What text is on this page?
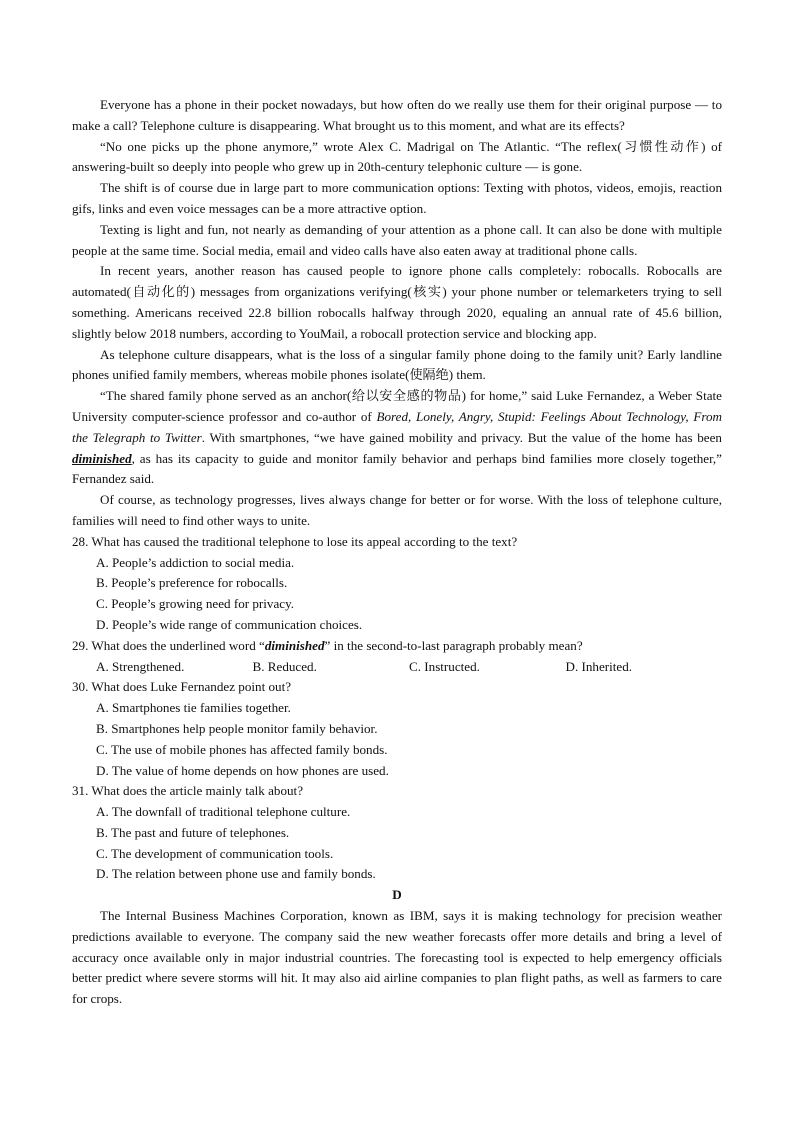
Everyone has a phone in their pocket nowadays, but how often do we really use them for their original purpose — to make a call? Telephone culture is disappearing. What brought us to this moment, and what are its effects?

“No one picks up the phone anymore,” wrote Alex C. Madrigal on The Atlantic. “The reflex(习惯性动作) of answering-built so deeply into people who grew up in 20th-century telephonic culture — is gone.

The shift is of course due in large part to more communication options: Texting with photos, videos, emojis, reaction gifs, links and even voice messages can be a more attractive option.

Texting is light and fun, not nearly as demanding of your attention as a phone call. It can also be done with multiple people at the same time. Social media, email and video calls have also eaten away at traditional phone calls.

In recent years, another reason has caused people to ignore phone calls completely: robocalls. Robocalls are automated(自动化的) messages from organizations verifying(核实) your phone number or telemarketers trying to sell something. Americans received 22.8 billion robocalls halfway through 2020, equaling an annual rate of 45.6 billion, slightly below 2018 numbers, according to YouMail, a robocall protection service and blocking app.

As telephone culture disappears, what is the loss of a singular family phone doing to the family unit? Early landline phones unified family members, whereas mobile phones isolate(使隔绝) them.

“The shared family phone served as an anchor(给以安全感的物品) for home,” said Luke Fernandez, a Weber State University computer-science professor and co-author of Bored, Lonely, Angry, Stupid: Feelings About Technology, From the Telegraph to Twitter. With smartphones, “we have gained mobility and privacy. But the value of the home has been diminished, as has its capacity to guide and monitor family behavior and perhaps bind families more closely together,” Fernandez said.

Of course, as technology progresses, lives always change for better or for worse. With the loss of telephone culture, families will need to find other ways to unite.

28. What has caused the traditional telephone to lose its appeal according to the text?

A. People’s addiction to social media.

B. People’s preference for robocalls.

C. People’s growing need for privacy.

D. People’s wide range of communication choices.

29. What does the underlined word “diminished” in the second-to-last paragraph probably mean?

A. Strengthened.	B. Reduced.	C. Instructed.	D. Inherited.

30. What does Luke Fernandez point out?

A. Smartphones tie families together.

B. Smartphones help people monitor family behavior.

C. The use of mobile phones has affected family bonds.

D. The value of home depends on how phones are used.

31. What does the article mainly talk about?

A. The downfall of traditional telephone culture.

B. The past and future of telephones.

C. The development of communication tools.

D. The relation between phone use and family bonds.

D

The Internal Business Machines Corporation, known as IBM, says it is making technology for precision weather predictions available to everyone. The company said the new weather forecasts offer more details and bring a level of accuracy once available only in major industrial countries. The forecasting tool is expected to help emergency officials better predict where severe storms will hit. It may also aid airline companies to plan flight paths, as well as farmers to care for crops.
